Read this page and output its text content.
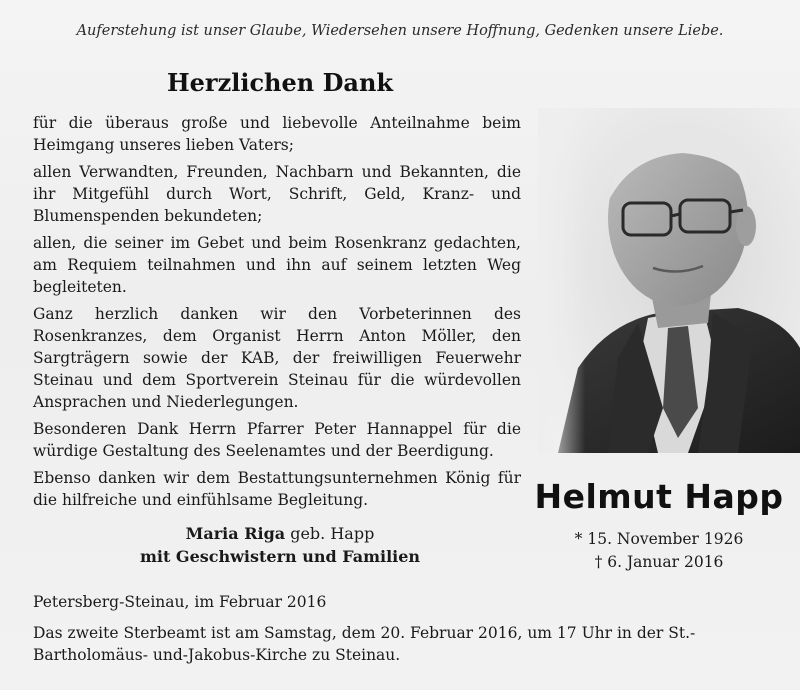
Auferstehung ist unser Glaube, Wiedersehen unsere Hoffnung, Gedenken unsere Liebe.
Herzlichen Dank

für die überaus große und liebevolle Anteilnahme beim Heimgang unseres lieben Vaters;

allen Verwandten, Freunden, Nachbarn und Bekannten, die ihr Mitgefühl durch Wort, Schrift, Geld, Kranz- und Blumenspenden bekundeten;

allen, die seiner im Gebet und beim Rosenkranz gedachten, am Requiem teilnahmen und ihn auf seinem letzten Weg begleiteten.

Ganz herzlich danken wir den Vorbeterinnen des Rosenkranzes, dem Organist Herrn Anton Möller, den Sargträgern sowie der KAB, der freiwilligen Feuerwehr Steinau und dem Sportverein Steinau für die würdevollen Ansprachen und Niederlegungen.

Besonderen Dank Herrn Pfarrer Peter Hannappel für die würdige Gestaltung des Seelenamtes und der Beerdigung.

Ebenso danken wir dem Bestattungsunternehmen König für die hilfreiche und einfühlsame Begleitung.

Maria Riga geb. Happ
mit Geschwistern und Familien
Petersberg-Steinau, im Februar 2016
Das zweite Sterbeamt ist am Samstag, dem 20. Februar 2016, um 17 Uhr in der St.-Bartholomäus- und-Jakobus-Kirche zu Steinau.
Helmut Happ
* 15. November 1926
† 6. Januar 2016
